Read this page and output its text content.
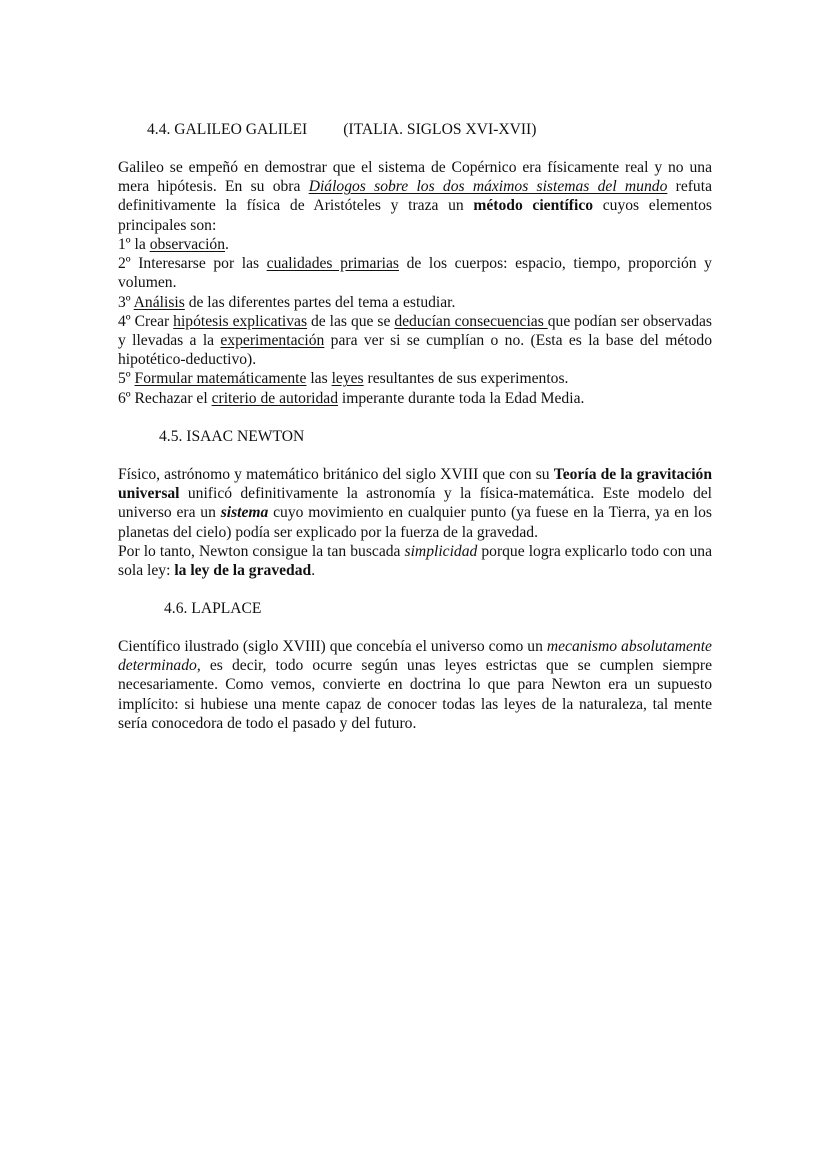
4.4. GALILEO GALILEI (ITALIA. SIGLOS XVI-XVII)

Galileo se empeñó en demostrar que el sistema de Copérnico era físicamente real y no una mera hipótesis. En su obra Diálogos sobre los dos máximos sistemas del mundo refuta definitivamente la física de Aristóteles y traza un método científico cuyos elementos principales son:

1º la observación.
2º Interesarse por las cualidades primarias de los cuerpos: espacio, tiempo, proporción y volumen.
3º Análisis de las diferentes partes del tema a estudiar.
4º Crear hipótesis explicativas de las que se deducían consecuencias que podían ser observadas y llevadas a la experimentación para ver si se cumplían o no. (Esta es la base del método hipotético-deductivo).
5º Formular matemáticamente las leyes resultantes de sus experimentos.
6º Rechazar el criterio de autoridad imperante durante toda la Edad Media.
4.5. ISAAC NEWTON
Físico, astrónomo y matemático británico del siglo XVIII que con su Teoría de la gravitación universal unificó definitivamente la astronomía y la física-matemática. Este modelo del universo era un sistema cuyo movimiento en cualquier punto (ya fuese en la Tierra, ya en los planetas del cielo) podía ser explicado por la fuerza de la gravedad.
Por lo tanto, Newton consigue la tan buscada simplicidad porque logra explicarlo todo con una sola ley: la ley de la gravedad.
4.6. LAPLACE

Científico ilustrado (siglo XVIII) que concebía el universo como un mecanismo absolutamente determinado, es decir, todo ocurre según unas leyes estrictas que se cumplen siempre necesariamente. Como vemos, convierte en doctrina lo que para Newton era un supuesto implícito: si hubiese una mente capaz de conocer todas las leyes de la naturaleza, tal mente sería conocedora de todo el pasado y del futuro.
